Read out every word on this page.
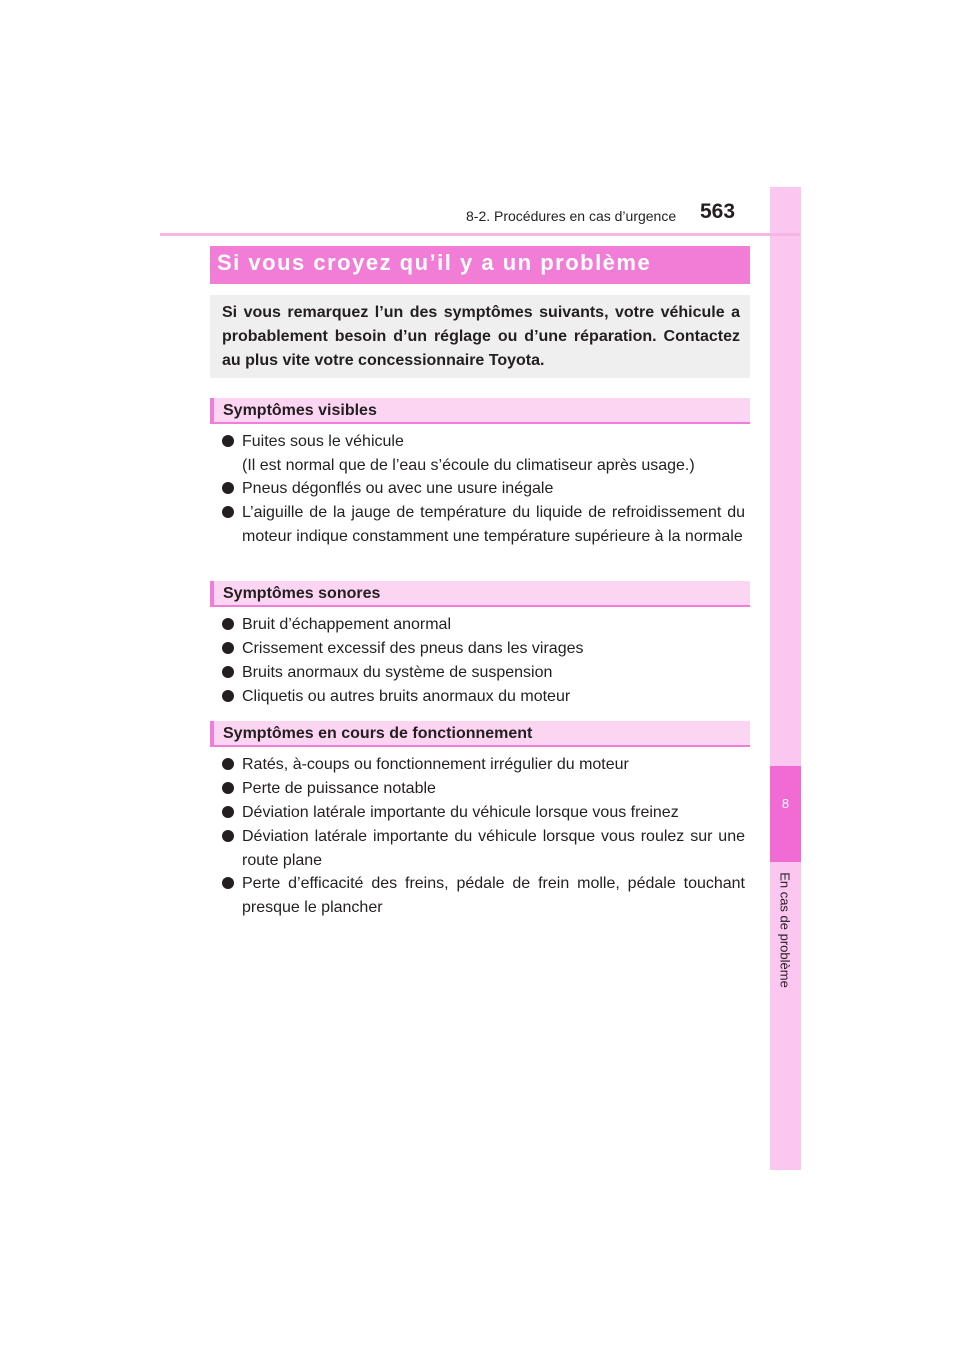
8
En cas de problème
8-2. Procédures en cas d’urgence 563
Si vous croyez qu’il y a un problème
Si vous remarquez l’un des symptômes suivants, votre véhicule a probablement besoin d’un réglage ou d’une réparation. Contactez au plus vite votre concessionnaire Toyota.
Symptômes visibles
Fuites sous le véhicule
(Il est normal que de l’eau s’écoule du climatiseur après usage.)
Pneus dégonflés ou avec une usure inégale
L’aiguille de la jauge de température du liquide de refroidissement du moteur indique constamment une température supérieure à la normale
Symptômes sonores
Bruit d’échappement anormal
Crissement excessif des pneus dans les virages
Bruits anormaux du système de suspension
Cliquetis ou autres bruits anormaux du moteur
Symptômes en cours de fonctionnement
Ratés, à-coups ou fonctionnement irrégulier du moteur
Perte de puissance notable
Déviation latérale importante du véhicule lorsque vous freinez
Déviation latérale importante du véhicule lorsque vous roulez sur une route plane
Perte d’efficacité des freins, pédale de frein molle, pédale touchant presque le plancher
